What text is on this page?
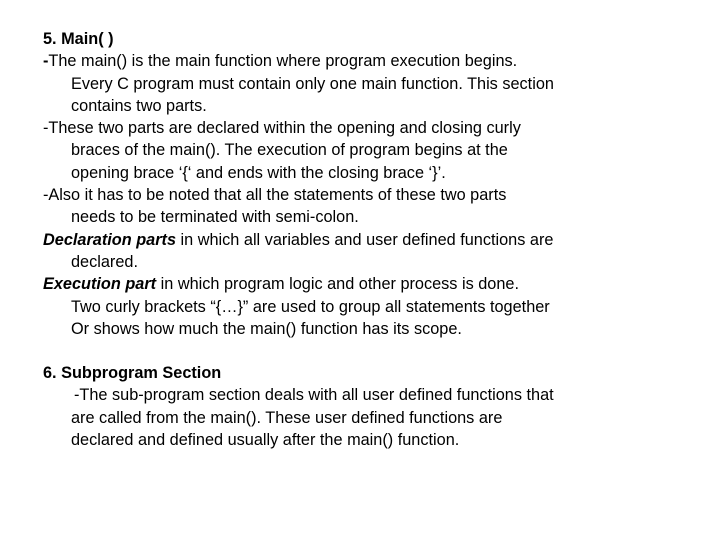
5. Main( )
-The main() is the main function where program execution begins.
Every C program must contain only one main function. This section
contains two parts.
-These two parts are declared within the opening and closing curly
braces of the main(). The execution of program begins at the
opening brace ‘{‘ and ends with the closing brace ‘}’.
-Also it has to be noted that all the statements of these two parts
needs to be terminated with semi-colon.
Declaration parts in which all variables and user defined functions are
declared.
Execution part in which program logic and other process is done.
Two curly brackets “{…}” are used to group all statements together
Or shows how much the main() function has its scope.
6. Subprogram Section
-The sub-program section deals with all user defined functions that
are called from the main(). These user defined functions are
declared and defined usually after the main() function.
